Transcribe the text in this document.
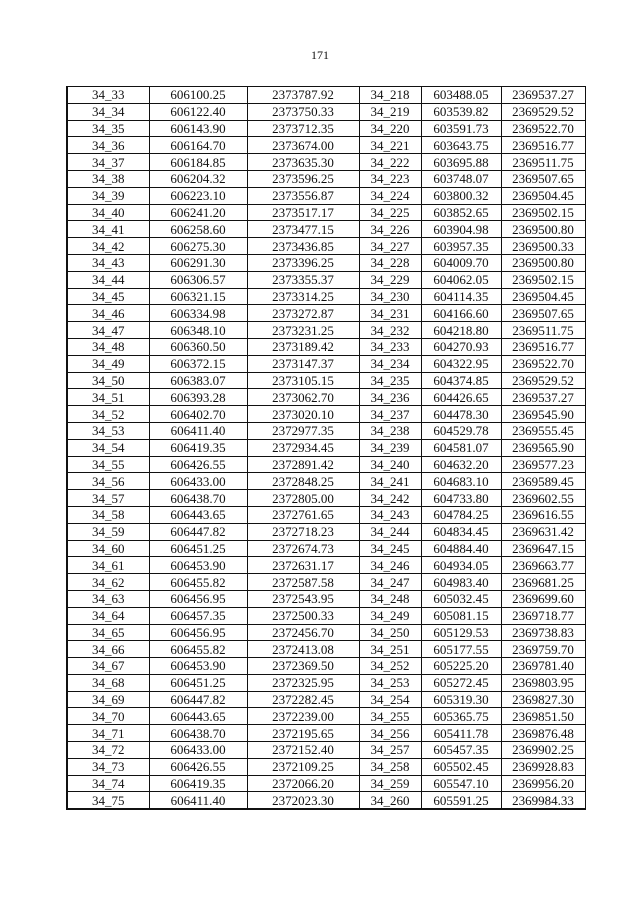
171
34_33	606100.25	2373787.92	34_218	603488.05	2369537.27
34_34	606122.40	2373750.33	34_219	603539.82	2369529.52
34_35	606143.90	2373712.35	34_220	603591.73	2369522.70
34_36	606164.70	2373674.00	34_221	603643.75	2369516.77
34_37	606184.85	2373635.30	34_222	603695.88	2369511.75
34_38	606204.32	2373596.25	34_223	603748.07	2369507.65
34_39	606223.10	2373556.87	34_224	603800.32	2369504.45
34_40	606241.20	2373517.17	34_225	603852.65	2369502.15
34_41	606258.60	2373477.15	34_226	603904.98	2369500.80
34_42	606275.30	2373436.85	34_227	603957.35	2369500.33
34_43	606291.30	2373396.25	34_228	604009.70	2369500.80
34_44	606306.57	2373355.37	34_229	604062.05	2369502.15
34_45	606321.15	2373314.25	34_230	604114.35	2369504.45
34_46	606334.98	2373272.87	34_231	604166.60	2369507.65
34_47	606348.10	2373231.25	34_232	604218.80	2369511.75
34_48	606360.50	2373189.42	34_233	604270.93	2369516.77
34_49	606372.15	2373147.37	34_234	604322.95	2369522.70
34_50	606383.07	2373105.15	34_235	604374.85	2369529.52
34_51	606393.28	2373062.70	34_236	604426.65	2369537.27
34_52	606402.70	2373020.10	34_237	604478.30	2369545.90
34_53	606411.40	2372977.35	34_238	604529.78	2369555.45
34_54	606419.35	2372934.45	34_239	604581.07	2369565.90
34_55	606426.55	2372891.42	34_240	604632.20	2369577.23
34_56	606433.00	2372848.25	34_241	604683.10	2369589.45
34_57	606438.70	2372805.00	34_242	604733.80	2369602.55
34_58	606443.65	2372761.65	34_243	604784.25	2369616.55
34_59	606447.82	2372718.23	34_244	604834.45	2369631.42
34_60	606451.25	2372674.73	34_245	604884.40	2369647.15
34_61	606453.90	2372631.17	34_246	604934.05	2369663.77
34_62	606455.82	2372587.58	34_247	604983.40	2369681.25
34_63	606456.95	2372543.95	34_248	605032.45	2369699.60
34_64	606457.35	2372500.33	34_249	605081.15	2369718.77
34_65	606456.95	2372456.70	34_250	605129.53	2369738.83
34_66	606455.82	2372413.08	34_251	605177.55	2369759.70
34_67	606453.90	2372369.50	34_252	605225.20	2369781.40
34_68	606451.25	2372325.95	34_253	605272.45	2369803.95
34_69	606447.82	2372282.45	34_254	605319.30	2369827.30
34_70	606443.65	2372239.00	34_255	605365.75	2369851.50
34_71	606438.70	2372195.65	34_256	605411.78	2369876.48
34_72	606433.00	2372152.40	34_257	605457.35	2369902.25
34_73	606426.55	2372109.25	34_258	605502.45	2369928.83
34_74	606419.35	2372066.20	34_259	605547.10	2369956.20
34_75	606411.40	2372023.30	34_260	605591.25	2369984.33
